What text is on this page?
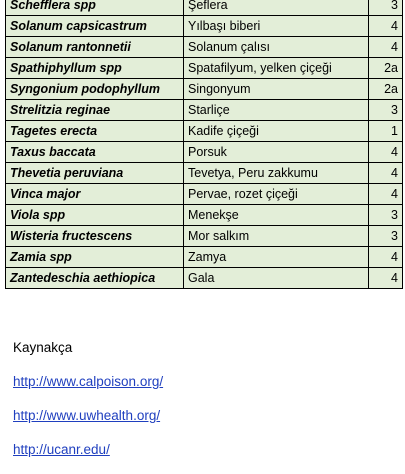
Schefflera spp	Şeflera	3
Solanum capsicastrum	Yılbaşı biberi	4
Solanum rantonnetii	Solanum çalısı	4
Spathiphyllum spp	Spatafilyum, yelken çiçeği	2a
Syngonium podophyllum	Singonyum	2a
Strelitzia reginae	Starliçe	3
Tagetes erecta	Kadife çiçeği	1
Taxus baccata	Porsuk	4
Thevetia peruviana	Tevetya, Peru zakkumu	4
Vinca major	Pervae, rozet çiçeği	4
Viola spp	Menekşe	3
Wisteria fructescens	Mor salkım	3
Zamia spp	Zamya	4
Zantedeschia aethiopica	Gala	4
Kaynakça
http://www.calpoison.org/
http://www.uwhealth.org/
http://ucanr.edu/
